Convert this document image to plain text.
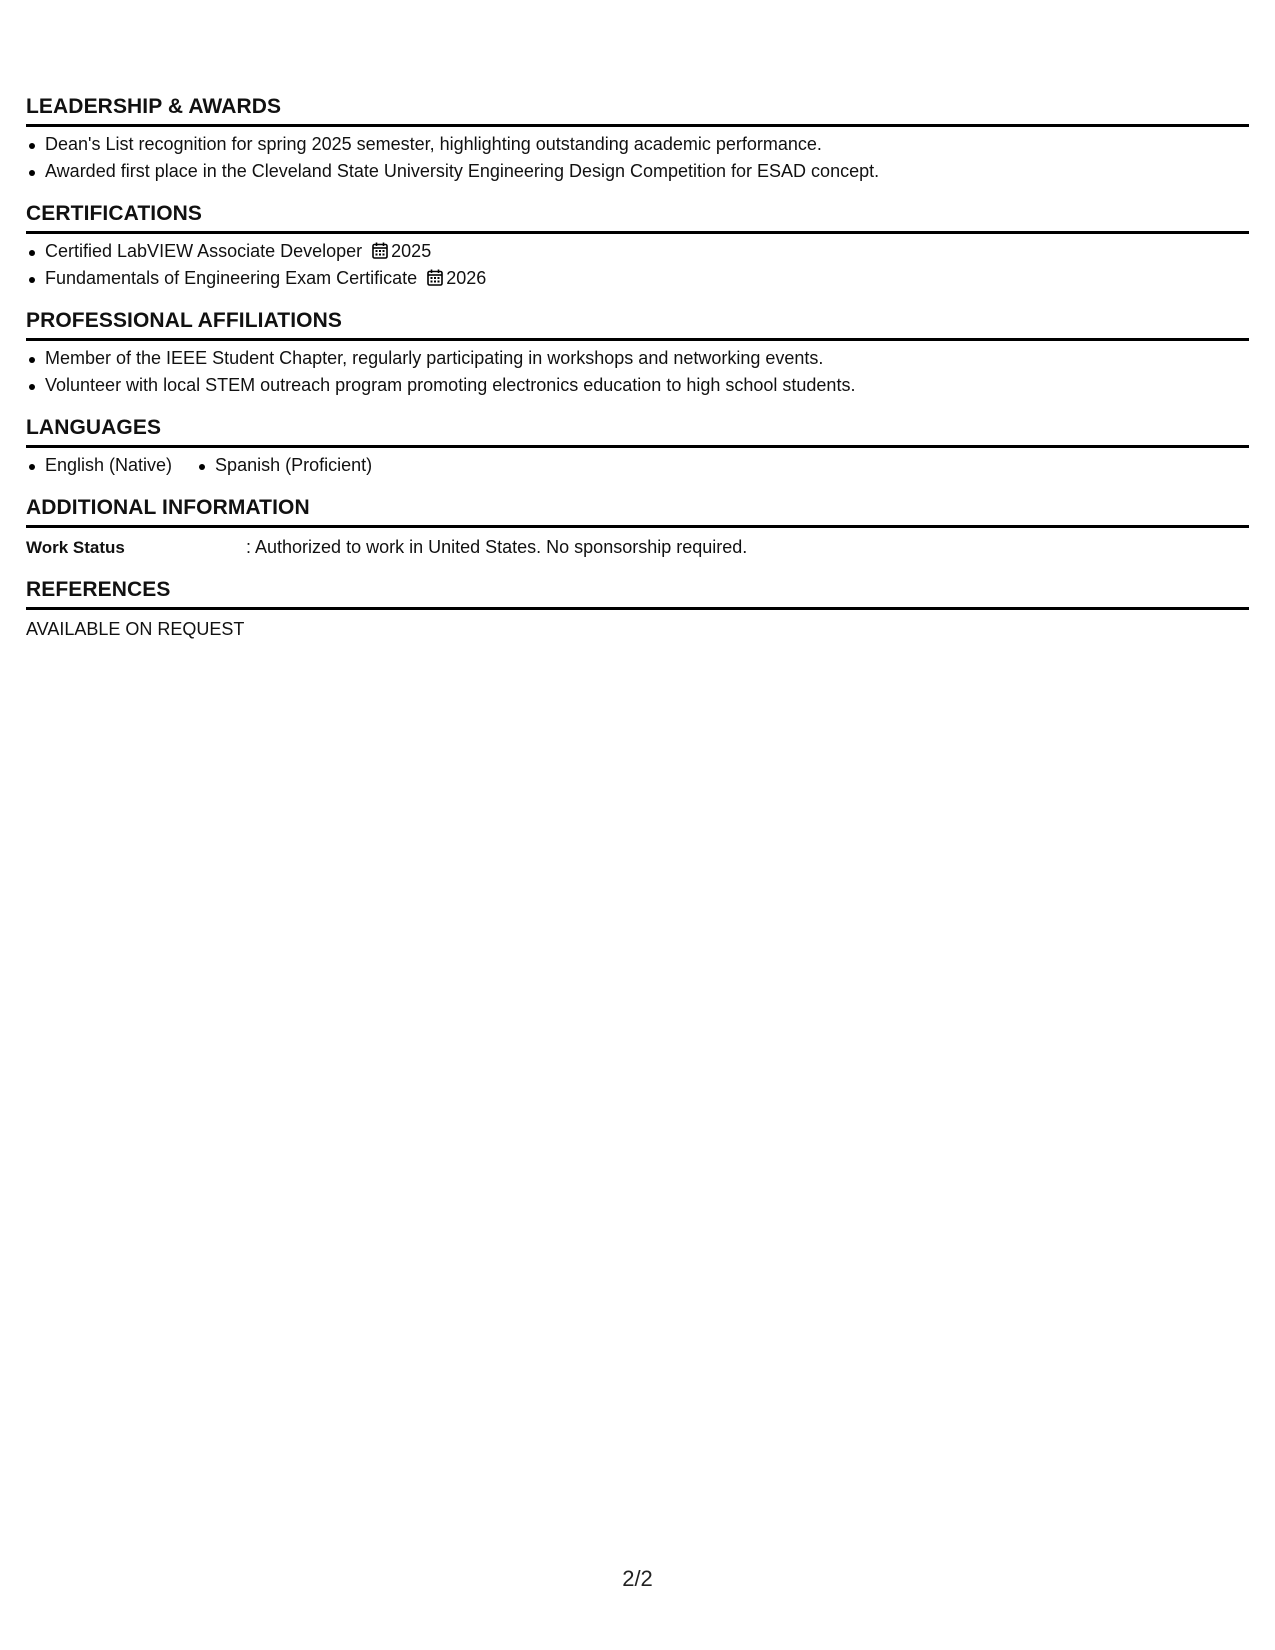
LEADERSHIP & AWARDS
Dean's List recognition for spring 2025 semester, highlighting outstanding academic performance.
Awarded first place in the Cleveland State University Engineering Design Competition for ESAD concept.
CERTIFICATIONS
Certified LabVIEW Associate Developer 2025
Fundamentals of Engineering Exam Certificate 2026
PROFESSIONAL AFFILIATIONS
Member of the IEEE Student Chapter, regularly participating in workshops and networking events.
Volunteer with local STEM outreach program promoting electronics education to high school students.
LANGUAGES
English (Native)	Spanish (Proficient)
ADDITIONAL INFORMATION
Work Status	: Authorized to work in United States. No sponsorship required.
REFERENCES
AVAILABLE ON REQUEST
2/2
